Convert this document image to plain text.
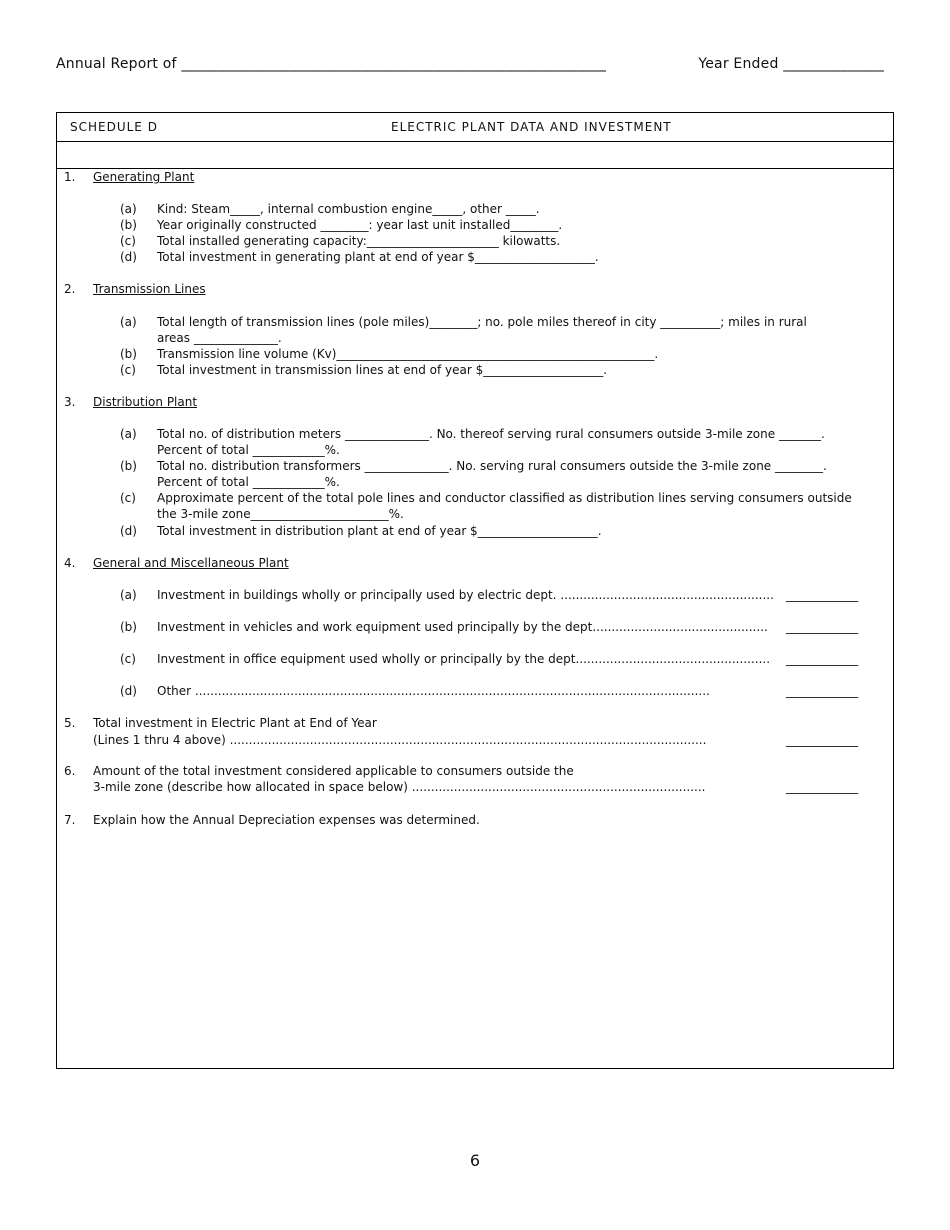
Annual Report of ___________________________________________________________	Year Ended ______________
SCHEDULE D	ELECTRIC PLANT DATA AND INVESTMENT
1. Generating Plant
(a) Kind: Steam_____, internal combustion engine_____, other _____.
(b) Year originally constructed ________: year last unit installed________.
(c) Total installed generating capacity:______________________ kilowatts.
(d) Total investment in generating plant at end of year $____________________.
2. Transmission Lines
(a) Total length of transmission lines (pole miles)________; no. pole miles thereof in city __________; miles in rural
areas ______________.
(b) Transmission line volume (Kv)_____________________________________________________.
(c) Total investment in transmission lines at end of year $____________________.
3. Distribution Plant
(a) Total no. of distribution meters ______________. No. thereof serving rural consumers outside 3-mile zone _______.
Percent of total ____________%.
(b) Total no. distribution transformers ______________. No. serving rural consumers outside the 3-mile zone ________.
Percent of total ____________%.
(c) Approximate percent of the total pole lines and conductor classified as distribution lines serving consumers outside
the 3-mile zone_______________________%.
(d) Total investment in distribution plant at end of year $____________________.
4. General and Miscellaneous Plant
(a) Investment in buildings wholly or principally used by electric dept. ........................................................ ____________
(b) Investment in vehicles and work equipment used principally by the dept.............................................. ____________
(c) Investment in office equipment used wholly or principally by the dept................................................... ____________
(d) Other .......................................................................................................................................	____________
5. Total investment in Electric Plant at End of Year
(Lines 1 thru 4 above) .............................................................................................................................	____________
6. Amount of the total investment considered applicable to consumers outside the
3-mile zone (describe how allocated in space below) .............................................................................	____________
7. Explain how the Annual Depreciation expenses was determined.
6
